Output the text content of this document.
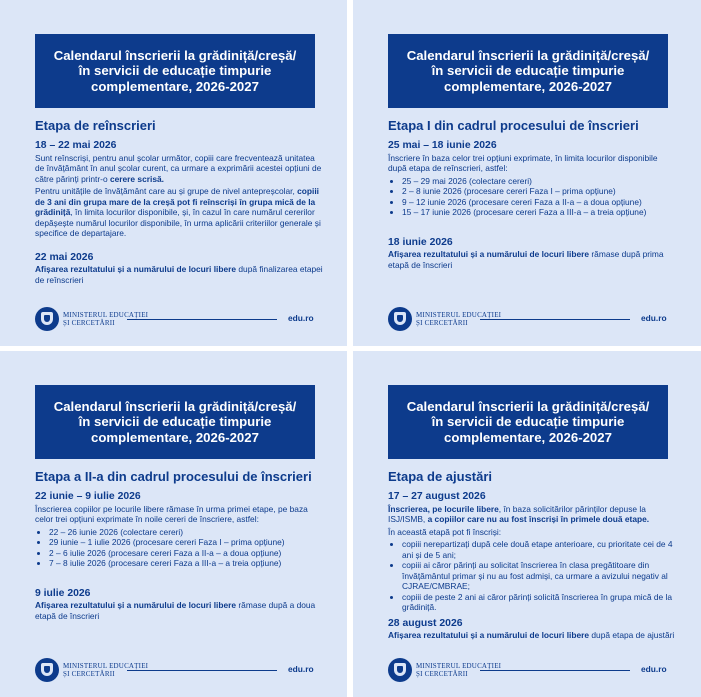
Calendarul înscrierii la grădiniță/creșă/
în servicii de educație timpurie
complementare, 2026-2027
Etapa de reînscrieri
18 – 22 mai 2026

Sunt reînscriși, pentru anul școlar următor, copiii care frecventează unitatea de învățământ în anul școlar curent, ca urmare a exprimării acestei opțiuni de către părinți printr-o cerere scrisă.

Pentru unitățile de învățământ care au și grupe de nivel antepreșcolar, copiii de 3 ani din grupa mare de la creșă pot fi reînscriși în grupa mică de la grădiniță, în limita locurilor disponibile, și, în cazul în care numărul cererilor depășește numărul locurilor disponibile, în urma aplicării criteriilor generale și specifice de departajare.

22 mai 2026

Afișarea rezultatului și a numărului de locuri libere după finalizarea etapei de reînscrieri

MINISTERUL EDUCAȚIEI
ȘI CERCETĂRII	edu.ro
Calendarul înscrierii la grădiniță/creșă/
în servicii de educație timpurie
complementare, 2026-2027
Etapa I din cadrul procesului de înscrieri
25 mai – 18 iunie 2026

Înscriere în baza celor trei opțiuni exprimate, în limita locurilor disponibile după etapa de reînscrieri, astfel:

• 25 – 29 mai 2026 (colectare cereri)
• 2 – 8 iunie 2026 (procesare cereri Faza I – prima opțiune)
• 9 – 12 iunie 2026 (procesare cereri Faza a II-a – a doua opțiune)
• 15 – 17 iunie 2026 (procesare cereri Faza a III-a – a treia opțiune)
18 iunie 2026

Afișarea rezultatului și a numărului de locuri libere rămase după prima etapă de înscrieri

MINISTERUL EDUCAȚIEI
ȘI CERCETĂRII	edu.ro
Calendarul înscrierii la grădiniță/creșă/
în servicii de educație timpurie
complementare, 2026-2027
Etapa a II-a din cadrul procesului de înscrieri
22 iunie – 9 iulie 2026

Înscrierea copiilor pe locurile libere rămase în urma primei etape, pe baza celor trei opțiuni exprimate în noile cereri de înscriere, astfel:

• 22 – 26 iunie 2026 (colectare cereri)
• 29 iunie – 1 iulie 2026 (procesare cereri Faza I – prima opțiune)
• 2 – 6 iulie 2026 (procesare cereri Faza a II-a – a doua opțiune)
• 7 – 8 iulie 2026 (procesare cereri Faza a III-a – a treia opțiune)
9 iulie 2026

Afișarea rezultatului și a numărului de locuri libere rămase după a doua etapă de înscrieri

MINISTERUL EDUCAȚIEI
ȘI CERCETĂRII	edu.ro
Calendarul înscrierii la grădiniță/creșă/
în servicii de educație timpurie
complementare, 2026-2027
Etapa de ajustări
17 – 27 august 2026

Înscrierea, pe locurile libere, în baza solicitărilor părinților depuse la ISJ/ISMB, a copiilor care nu au fost înscriși în primele două etape.

În această etapă pot fi înscriși:

• copiii nerepartizați după cele două etape anterioare, cu prioritate cei de 4 ani și de 5 ani;
• copiii ai căror părinți au solicitat înscrierea în clasa pregătitoare din învățământul primar și nu au fost admiși, ca urmare a avizului negativ al CJRAE/CMBRAE;
• copiii de peste 2 ani ai căror părinți solicită înscrierea în grupa mică de la grădiniță.
28 august 2026

Afișarea rezultatului și a numărului de locuri libere după etapa de ajustări

MINISTERUL EDUCAȚIEI
ȘI CERCETĂRII	edu.ro
